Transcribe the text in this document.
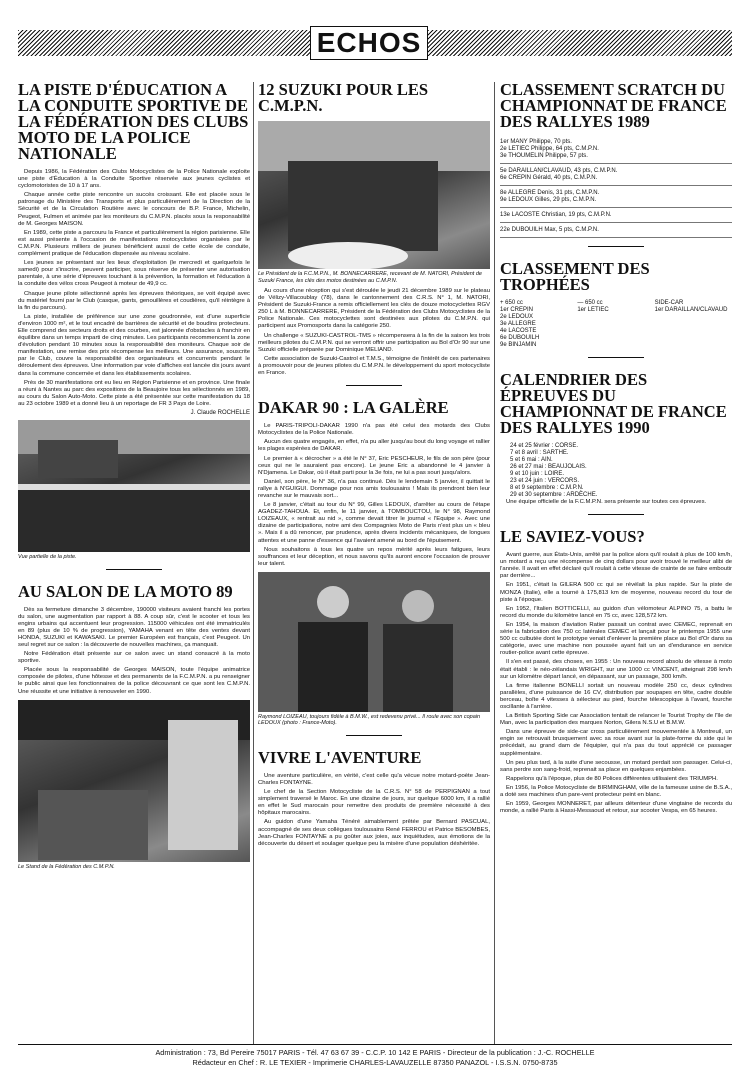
ECHOS
LA PISTE D'ÉDUCATION A LA CONDUITE SPORTIVE DE LA FÉDÉRATION DES CLUBS MOTO DE LA POLICE NATIONALE

Depuis 1986, la Fédération des Clubs Motocyclistes de la Police Nationale exploite une piste d'Éducation à la Conduite Sportive réservée aux jeunes cyclistes et cyclomotoristes de 10 à 17 ans.

Chaque année cette piste rencontre un succès croissant. Elle est placée sous le patronage du Ministère des Transports et plus particulièrement de la Direction de la Sécurité et de la Circulation Routière avec le concours de B.P. France, Michelin, Peugeot, Fulmen et animée par les moniteurs du C.M.P.N. placés sous la responsabilité de M. Georges MAISON.

En 1989, cette piste a parcouru la France et particulièrement la région parisienne. Elle est aussi présente à l'occasion de manifestations motocyclistes organisées par le C.M.P.N. Plusieurs milliers de jeunes bénéficient aussi de cette école de conduite, complément pratique de l'éducation dispensée au niveau scolaire.

Les jeunes se présentant sur les lieux d'exploitation (le mercredi et quelquefois le samedi) pour s'inscrire, peuvent participer, sous réserve de présenter une autorisation parentale, à une série d'épreuves touchant à la prévention, la formation et l'éducation à la conduite des vélos cross Peugeot à moteur de 49,9 cc.

Chaque jeune pilote sélectionné après les épreuves théoriques, se voit équipé avec du matériel fourni par le Club (casque, gants, genouillères et coudières, qu'il réintègre à la fin du parcours).

La piste, installée de préférence sur une zone goudronnée, est d'une superficie d'environ 1000 m², et le tout encadré de barrières de sécurité et de boudins protecteurs. Elle comprend des secteurs droits et des courbes, est jalonnée d'obstacles à franchir en équilibre dans un temps imparti de cinq minutes. Les participants recommencent la zone d'évolution pendant 10 minutes sous la responsabilité des moniteurs. Chaque soir de manifestation, une remise des prix récompense les meilleurs. Une assurance, souscrite par le Club, couvre la responsabilité des organisateurs et concurrents pendant le déroulement des épreuves. Une information par voie d'affiches est lancée dix jours avant dans la commune concernée et dans les établissements scolaires.

Près de 30 manifestations ont eu lieu en Région Parisienne et en province. Une finale a réuni à Nantes au parc des expositions de la Beaujoire tous les sélectionnés en 1989, au cours du Salon Auto-Moto. Cette piste a été présentée sur cette manifestation du 18 au 23 octobre 1989 et a donné lieu à un reportage de FR 3 Pays de Loire.

J. Claude ROCHELLE
Vue partielle de la piste.
AU SALON DE LA MOTO 89

Dès sa fermeture dimanche 3 décembre, 190000 visiteurs avaient franchi les portes du salon, une augmentation par rapport à 88. A coup sûr, c'est le scooter et tous les engins urbains qui accentuent leur progression. 115000 véhicules ont été immatriculés en 89 (plus de 10 % de progression), YAMAHA venant en tête des ventes devant HONDA, SUZUKI et KAWASAKI. Le premier Européen est français, c'est Peugeot. Un seul regret sur ce salon : la découverte de nouvelles machines, ça manquait.

Notre Fédération était présente sur ce salon avec un stand consacré à la moto sportive.

Placée sous la responsabilité de Georges MAISON, toute l'équipe animatrice composée de pilotes, d'une hôtesse et des permanents de la F.C.M.P.N. a pu renseigner le public ainsi que les fonctionnaires de la police découvrant ce que sont les C.M.P.N. Une réussite et une initiative à renouveler en 1990.

Le Stand de la Fédération des C.M.P.N.
12 SUZUKI POUR LES C.M.P.N.
Le Président de la F.C.M.P.N., M. BONNECARRERE, recevant de M. NATORI, Président de Suzuki France, les clés des motos destinées au C.M.P.N.

Au cours d'une réception qui s'est déroulée le jeudi 21 décembre 1989 sur le plateau de Vélizy-Villacoublay (78), dans le cantonnement des C.R.S. N° 1, M. NATORI, Président de Suzuki-France a remis officiellement les clés de douze motocyclettes RGV 250 L à M. BONNECARRERE, Président de la Fédération des Clubs Motocyclistes de la Police Nationale. Ces motocyclettes sont destinées aux pilotes du C.M.P.N. qui participent aux Promosports dans la catégorie 250.

Un challenge « SUZUKI-CASTROL-TMS » récompensera à la fin de la saison les trois meilleurs pilotes du C.M.P.N. qui se verront offrir une participation au Bol d'Or 90 sur une Suzuki officielle préparée par Dominique MELIAND.

Cette association de Suzuki-Castrol et T.M.S., témoigne de l'intérêt de ces partenaires à promouvoir pour de jeunes pilotes du C.M.P.N. le développement du sport motocycliste en France.

DAKAR 90 : LA GALÈRE

Le PARIS-TRIPOLI-DAKAR 1990 n'a pas été celui des motards des Clubs Motocyclistes de la Police Nationale.

Aucun des quatre engagés, en effet, n'a pu aller jusqu'au bout du long voyage et rallier les plages espérées de DAKAR.

Le premier à « décrocher » a été le N° 37, Eric PESCHEUR, le fils de son père (pour ceux qui ne le sauraient pas encore). Le jeune Eric a abandonné le 4 janvier à N'Djamena. Le Dakar, où il était parti pour la 3e fois, ne lui a pas souri jusqu'alors.

Daniel, son père, le N° 36, n'a pas continué. Dès le lendemain 5 janvier, il quittait le rallye à N'GUIGUI. Dommage pour nos amis toulousains ! Mais ils prendront bien leur revanche sur le mauvais sort...

Le 8 janvier, c'était au tour du N° 99, Gilles LEDOUX, d'arrêter au cours de l'étape AGADEZ-TAHOUA. Et, enfin, le 11 janvier, à TOMBOUCTOU, le N° 98, Raymond LOIZEAUX, « rentrait au nid », comme devait titrer le journal « l'Equipe ». Avec une dizaine de participations, notre ami des Compagnies Moto de Paris n'est plus un « bleu ». Mais il a dû renoncer, par prudence, après divers incidents mécaniques, de longues attentes et une panne d'essence qui l'avaient amené au bord de l'épuisement.

Nous souhaitons à tous les quatre un repos mérité après leurs fatigues, leurs souffrances et leur déception, et nous savons qu'ils auront encore l'occasion de prouver leur talent.

Raymond LOIZEAU, toujours fidèle à B.M.W., est redevenu privé... Il roule avec son copain LEDOUX (photo : France-Moto).
VIVRE L'AVENTURE

Une aventure particulière, en vérité, c'est celle qu'a vécue notre motard-poète Jean-Charles FONTAYNE.

Le chef de la Section Motocycliste de la C.R.S. N° 58 de PERPIGNAN a tout simplement traversé le Maroc. En une dizaine de jours, sur quelque 6000 km, il a rallié en effet le Sud marocain pour remettre des produits de première nécessité à des hôpitaux marocains.

Au guidon d'une Yamaha Ténéré aimablement prêtée par Bernard PASCUAL, accompagné de ses deux collègues toulousains René FERROU et Patrice BESOMBES, Jean-Charles FONTAYNE a pu goûter aux joies, aux inquiétudes, aux émotions de la découverte du désert et soulager quelque peu la misère d'une population déshéritée.

CLASSEMENT SCRATCH DU CHAMPIONNAT DE FRANCE DES RALLYES 1989
1er MANY Philippe, 70 pts.
2e LETIEC Philippe, 64 pts, C.M.P.N.
3e THOUMELIN Philippe, 57 pts.
5e DARAILLAN/CLAVAUD, 43 pts, C.M.P.N.
6e CREPIN Gérald, 40 pts, C.M.P.N.
8e ALLEGRE Denis, 31 pts, C.M.P.N.
9e LEDOUX Gilles, 29 pts, C.M.P.N.
13e LACOSTE Christian, 19 pts, C.M.P.N.
22e DUBOUILH Max, 5 pts, C.M.P.N.
CLASSEMENT DES TROPHÉES
+ 650 cc
1er CREPIN
2e LEDOUX
3e ALLEGRE
4e LACOSTE
6e DUBOUILH
9e BINJAMIN
— 650 cc
1er LETIEC
SIDE-CAR
1er DARAILLAN/CLAVAUD
CALENDRIER DES ÉPREUVES DU CHAMPIONNAT DE FRANCE DES RALLYES 1990
24 et 25 février : CORSE.
7 et 8 avril : SARTHE.
5 et 6 mai : AIN.
26 et 27 mai : BEAUJOLAIS.
9 et 10 juin : LOIRE.
23 et 24 juin : VERCORS.
8 et 9 septembre : C.M.P.N.
29 et 30 septembre : ARDÈCHE.

Une équipe officielle de la F.C.M.P.N. sera présente sur toutes ces épreuves.

LE SAVIEZ-VOUS?

Avant guerre, aux États-Unis, arrêté par la police alors qu'il roulait à plus de 100 km/h, un motard a reçu une récompense de cinq dollars pour avoir trouvé le meilleur alibi de l'année. Il avait en effet déclaré qu'il roulait à cette vitesse de crainte de se faire emboutir par derrière...

En 1951, c'était la GILERA 500 cc qui se révélait la plus rapide. Sur la piste de MONZA (Italie), elle a tourné à 175,813 km de moyenne, nouveau record du tour de piste à l'époque.

En 1952, l'Italien BOTTICELLI, au guidon d'un vélomoteur ALPINO 75, a battu le record du monde du kilomètre lancé en 75 cc, avec 128,572 km.

En 1954, la maison d'aviation Ratier passait un contrat avec CEMEC, reprenait en série la fabrication des 750 cc latérales CEMEC et lançait pour le printemps 1955 une 500 cc culbutée dont le prototype venait d'enlever la première place au Bol d'Or dans sa catégorie, avec une machine non poussée ayant fait un an d'endurance en service routier-police avant cette épreuve.

Il s'en est passé, des choses, en 1955 : Un nouveau record absolu de vitesse à moto était établi : le néo-zélandais WRIGHT, sur une 1000 cc VINCENT, atteignait 298 km/h sur un kilomètre départ lancé, en dépassant, sur un passage, 300 km/h.

La firme italienne BONELLI sortait un nouveau modèle 250 cc, deux cylindres parallèles, d'une puissance de 16 CV, distribution par soupapes en tête, cadre double berceau, boîte 4 vitesses à sélecteur au pied, fourche télescopique à l'avant, fourche oscillante à l'arrière.

La British Sporting Side car Association tentait de relancer le Tourist Trophy de l'île de Man, avec la participation des marques Norton, Gilera N.S.U et B.M.W.

Dans une épreuve de side-car cross particulièrement mouvementée à Montreuil, un engin se retrouvait brusquement avec sa roue avant sur la plate-forme du side qui le précédait, au grand dam de l'équipier, qui n'a pas du tout apprécié ce passager supplémentaire.

Un peu plus tard, à la suite d'une secousse, un motard perdait son passager. Celui-ci, sans perdre son sang-froid, reprenait sa place en quelques enjambées.

Rappelons qu'à l'époque, plus de 80 Polices différentes utilisaient des TRIUMPH.

En 1956, la Police Motocycliste de BIRMINGHAM, ville de la fameuse usine de B.S.A., a doté ses machines d'un pare-vent protecteur peint en blanc.

En 1959, Georges MONNERET, par ailleurs détenteur d'une vingtaine de records du monde, a rallié Paris à Hassi-Messaoud et retour, sur scooter Vespa, en 65 heures.

Administration : 73, Bd Pereire 75017 PARIS - Tél. 47 63 67 39 - C.C.P. 10 142 E PARIS - Directeur de la publication : J.-C. ROCHELLE
Rédacteur en Chef : R. LE TEXIER - Imprimerie CHARLES-LAVAUZELLE 87350 PANAZOL - I.S.S.N. 0750-8735
